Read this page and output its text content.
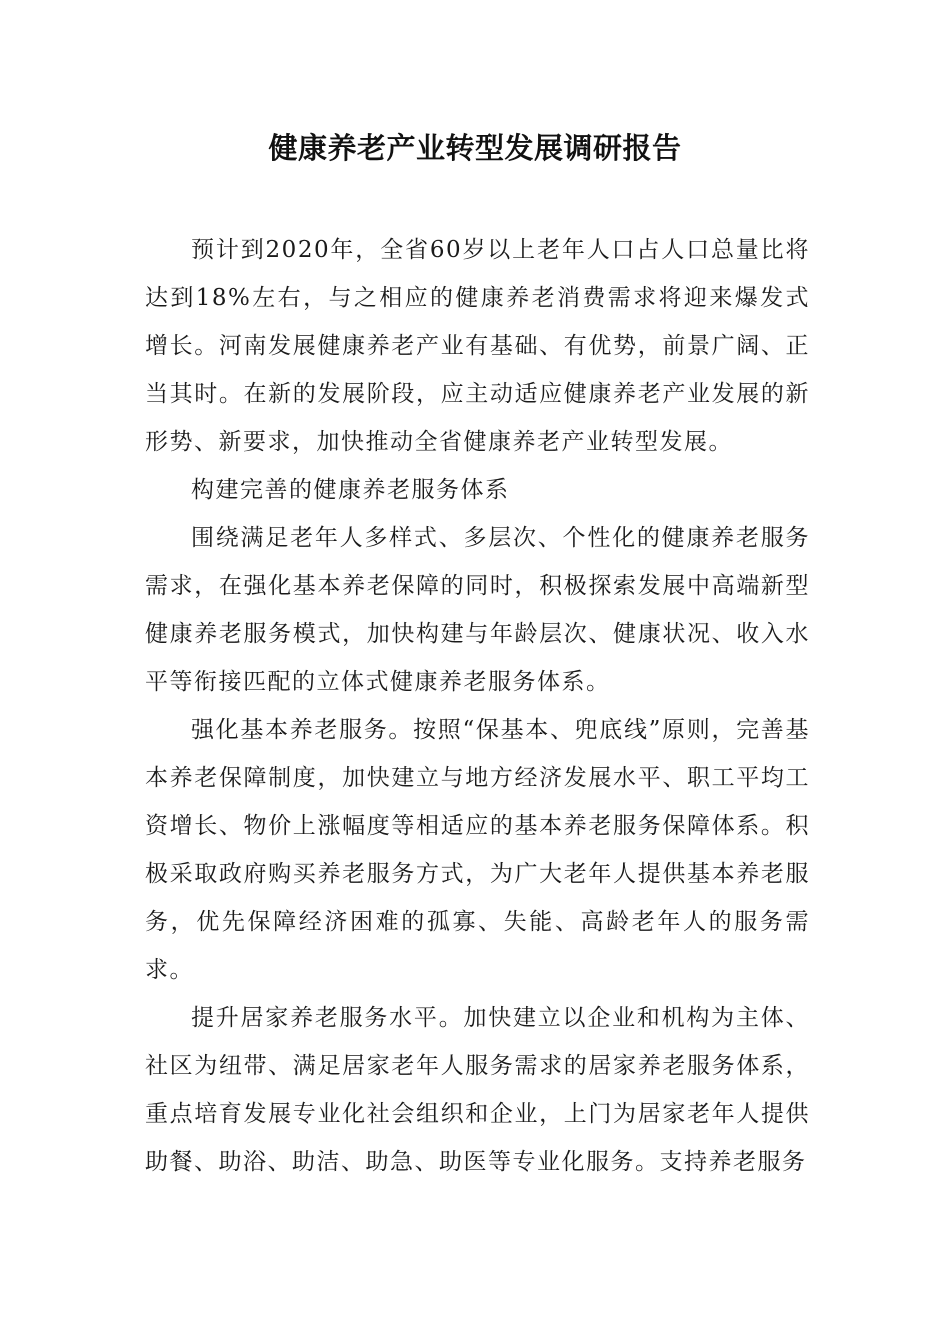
健康养老产业转型发展调研报告

预计到2020年，全省60岁以上老年人口占人口总量比将达到18%左右，与之相应的健康养老消费需求将迎来爆发式增长。河南发展健康养老产业有基础、有优势，前景广阔、正当其时。在新的发展阶段，应主动适应健康养老产业发展的新形势、新要求，加快推动全省健康养老产业转型发展。

构建完善的健康养老服务体系

围绕满足老年人多样式、多层次、个性化的健康养老服务需求，在强化基本养老保障的同时，积极探索发展中高端新型健康养老服务模式，加快构建与年龄层次、健康状况、收入水平等衔接匹配的立体式健康养老服务体系。

强化基本养老服务。按照“保基本、兜底线”原则，完善基本养老保障制度，加快建立与地方经济发展水平、职工平均工资增长、物价上涨幅度等相适应的基本养老服务保障体系。积极采取政府购买养老服务方式，为广大老年人提供基本养老服务，优先保障经济困难的孤寡、失能、高龄老年人的服务需求。

提升居家养老服务水平。加快建立以企业和机构为主体、社区为纽带、满足居家老年人服务需求的居家养老服务体系，重点培育发展专业化社会组织和企业，上门为居家老年人提供助餐、助浴、助洁、助急、助医等专业化服务。支持养老服务
